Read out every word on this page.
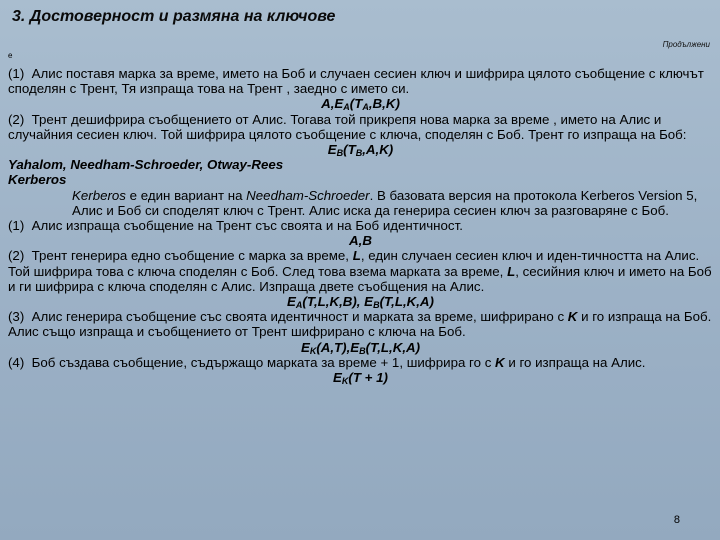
3. Достоверност и размяна на ключове
Продължени
е

(1) Алис поставя марка за време, името на Боб и случаен сесиен ключ и шифрира цялото съобщение с ключът споделян с Трент, Тя изпраща това на Трент , заедно с името си.

$A,E_A(T_A,B,K)$

(2) Трент дешифрира съобщението от Алис. Тогава той прикрепя нова марка за време , името на Алис и случайния сесиен ключ. Той шифрира цялото съобщение с ключа, споделян с Боб. Трент го изпраща на Боб:

$E_B(T_B,A,K)$

Yahalom, Needham-Schroeder, Otway-Rees

Kerberos

Kerberos е един вариант на Needham-Schroeder. В базовата версия на протокола Kerberos Version 5, Алис и Боб си споделят ключ с Трент. Алис иска да генерира сесиен ключ за разговаряне с Боб.

(1) Алис изпраща съобщение на Трент със своята и на Боб идентичност.

A,B

(2) Трент генерира едно съобщение с марка за време, L, един случаен сесиен ключ и иден-тичността на Алис. Той шифрира това с ключа споделян с Боб. След това взема марката за време, L, сесийния ключ и името на Боб и ги шифрира с ключа споделян с Алис. Изпраща двете съобщения на Алис.

$E_A(T,L,K,B)$, $E_B(T,L,K,A)$

(3) Алис генерира съобщение със своята идентичност и марката за време, шифрирано с K и го изпраща на Боб. Алис също изпраща и съобщението от Трент шифрирано с ключа на Боб.

$E_K(A,T),E_B(T,L,K,A)$

(4) Боб създава съобщение, съдържащо марката за време + 1, шифрира го с K и го изпраща на Алис.

$E_K(T + 1)$

8
